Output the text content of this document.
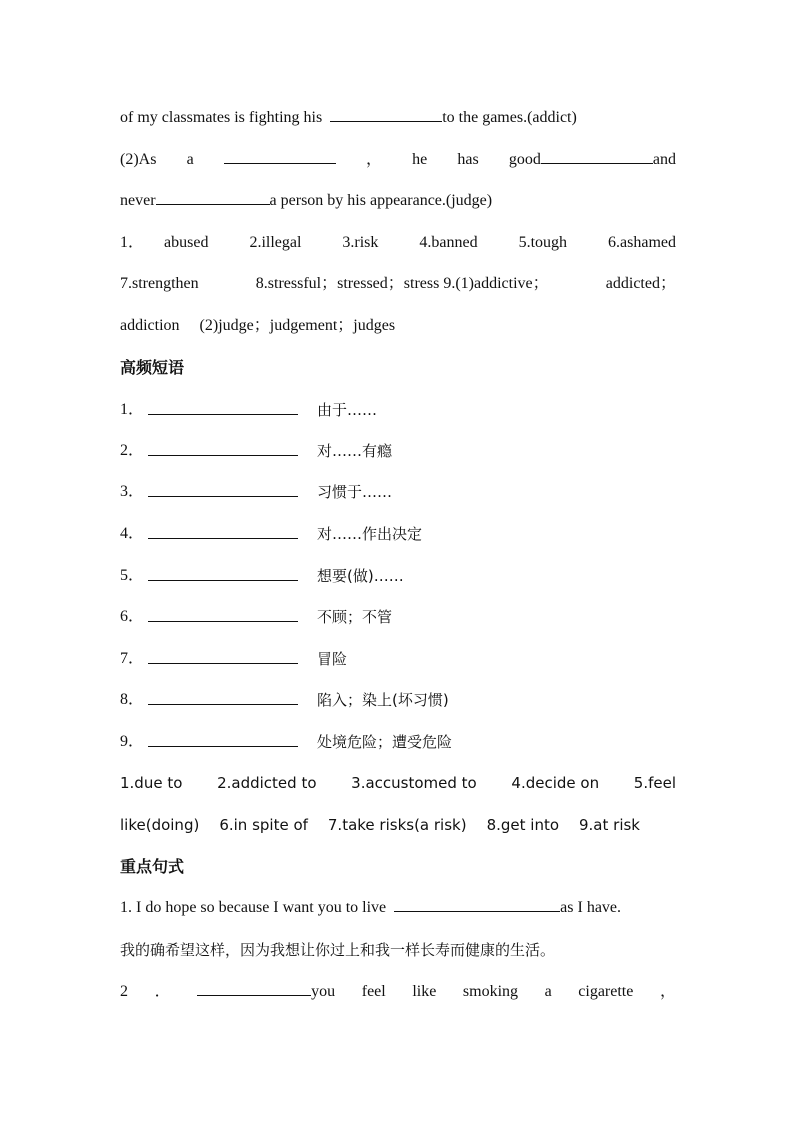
of my classmates is fighting his	to the games.(addict)
(2)As a	， he has good	and
never	a person by his appearance.(judge)
1． abused	2.illegal	3.risk	4.banned	5.tough	6.ashamed
7.strengthen	8.stressful；stressed；stress 9.(1)addictive；	addicted；
addiction (2)judge；judgement；judges
高频短语
1．	由于……
2．	对……有瘾
3．	习惯于……
4．	对……作出决定
5．	想要(做)……
6．	不顾；不管
7．	冒险
8．	陷入；染上(坏习惯)
9．	处境危险；遭受危险
1.due to 2.addicted to 3.accustomed to 4.decide on 5.feel
like(doing) 6.in spite of 7.take risks(a risk) 8.get into 9.at risk
重点句式
1. I do hope so because I want you to live	as I have.
我的确希望这样，因为我想让你过上和我一样长寿而健康的生活。
2 ．	you feel like smoking a cigarette ，
